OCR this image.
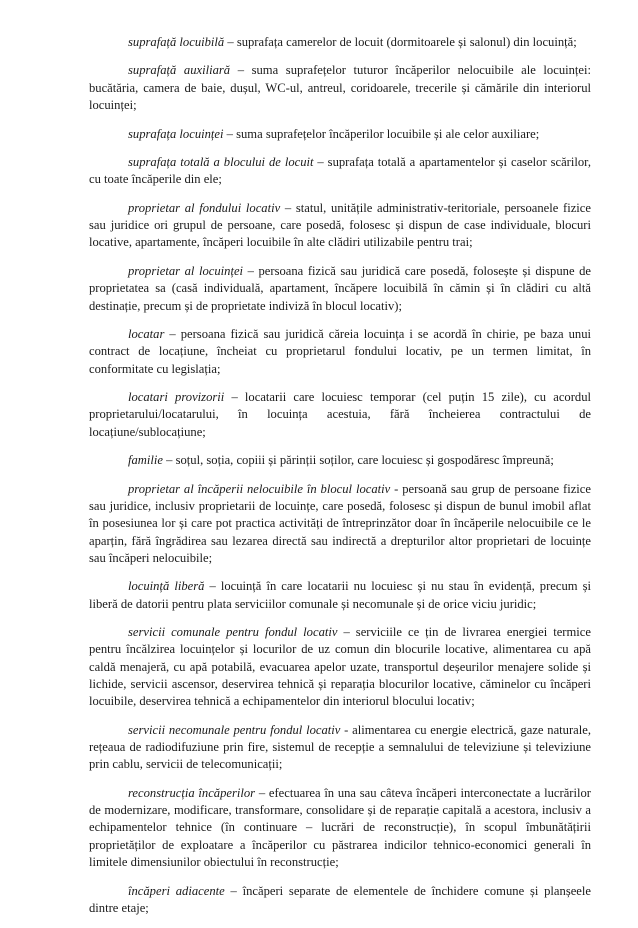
suprafață locuibilă – suprafața camerelor de locuit (dormitoarele și salonul) din locuință;

suprafață auxiliară – suma suprafețelor tuturor încăperilor nelocuibile ale locuinței: bucătăria, camera de baie, dușul, WC-ul, antreul, coridoarele, trecerile și cămările din interiorul locuinței;

suprafața locuinței – suma suprafețelor încăperilor locuibile și ale celor auxiliare;

suprafața totală a blocului de locuit – suprafața totală a apartamentelor și caselor scărilor, cu toate încăperile din ele;

proprietar al fondului locativ – statul, unitățile administrativ-teritoriale, persoanele fizice sau juridice ori grupul de persoane, care posedă, folosesc și dispun de case individuale, blocuri locative, apartamente, încăperi locuibile în alte clădiri utilizabile pentru trai;

proprietar al locuinței – persoana fizică sau juridică care posedă, folosește și dispune de proprietatea sa (casă individuală, apartament, încăpere locuibilă în cămin și în clădiri cu altă destinație, precum și de proprietate indiviză în blocul locativ);

locatar – persoana fizică sau juridică căreia locuința i se acordă în chirie, pe baza unui contract de locațiune, încheiat cu proprietarul fondului locativ, pe un termen limitat, în conformitate cu legislația;

locatari provizorii – locatarii care locuiesc temporar (cel puțin 15 zile), cu acordul proprietarului/locatarului, în locuința acestuia, fără încheierea contractului de locațiune/sublocațiune;

familie – soțul, soția, copiii și părinții soților, care locuiesc și gospodăresc împreună;

proprietar al încăperii nelocuibile în blocul locativ - persoană sau grup de persoane fizice sau juridice, inclusiv proprietarii de locuințe, care posedă, folosesc și dispun de bunul imobil aflat în posesiunea lor și care pot practica activități de întreprinzător doar în încăperile nelocuibile ce le aparțin, fără îngrădirea sau lezarea directă sau indirectă a drepturilor altor proprietari de locuințe sau încăperi nelocuibile;

locuință liberă – locuință în care locatarii nu locuiesc și nu stau în evidență, precum și liberă de datorii pentru plata serviciilor comunale și necomunale și de orice viciu juridic;

servicii comunale pentru fondul locativ – serviciile ce țin de livrarea energiei termice pentru încălzirea locuințelor și locurilor de uz comun din blocurile locative, alimentarea cu apă caldă menajeră, cu apă potabilă, evacuarea apelor uzate, transportul deșeurilor menajere solide și lichide, servicii ascensor, deservirea tehnică și reparația blocurilor locative, căminelor cu încăperi locuibile, deservirea tehnică a echipamentelor din interiorul blocului locativ;

servicii necomunale pentru fondul locativ - alimentarea cu energie electrică, gaze naturale, rețeaua de radiodifuziune prin fire, sistemul de recepție a semnalului de televiziune și televiziune prin cablu, servicii de telecomunicații;

reconstrucția încăperilor – efectuarea în una sau câteva încăperi interconectate a lucrărilor de modernizare, modificare, transformare, consolidare și de reparație capitală a acestora, inclusiv a echipamentelor tehnice (în continuare – lucrări de reconstrucție), în scopul îmbunătățirii proprietăților de exploatare a încăperilor cu păstrarea indicilor tehnico-economici generali în limitele dimensiunilor obiectului în reconstrucție;

încăperi adiacente – încăperi separate de elementele de închidere comune și planșeele dintre etaje;
